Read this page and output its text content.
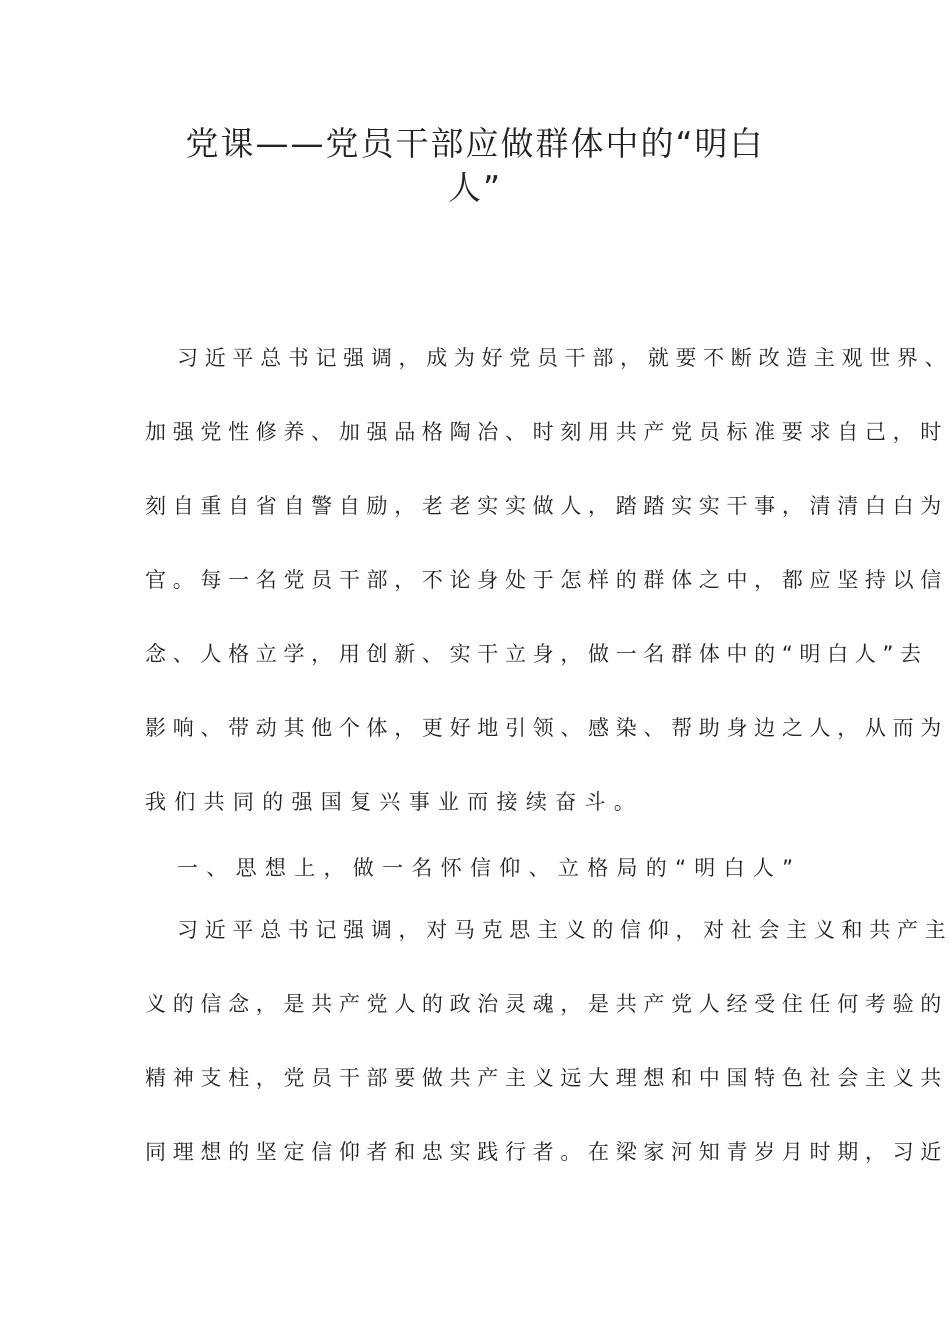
党课——党员干部应做群体中的“明白
人”
习 近 平 总 书 记 强 调 ， 成 为 好 党 员 干 部 ， 就 要 不 断 改 造 主 观 世 界 、
加 强 党 性 修 养 、 加 强 品 格 陶 冶 、 时 刻 用 共 产 党 员 标 准 要 求 自 己 ， 时
刻 自 重 自 省 自 警 自 励 ， 老 老 实 实 做 人 ， 踏 踏 实 实 干 事 ， 清 清 白 白 为
官 。 每 一 名 党 员 干 部 ， 不 论 身 处 于 怎 样 的 群 体 之 中 ， 都 应 坚 持 以 信
念 、 人 格 立 学 ， 用 创 新 、 实 干 立 身 ， 做 一 名 群 体 中 的 “ 明 白 人 ” 去
影 响 、 带 动 其 他 个 体 ， 更 好 地 引 领 、 感 染 、 帮 助 身 边 之 人 ， 从 而 为
我们共同的强国复兴事业而接续奋斗。
一、思想上，做一名怀信仰、立格局的“明白人”
习 近 平 总 书 记 强 调 ， 对 马 克 思 主 义 的 信 仰 ， 对 社 会 主 义 和 共 产 主
义 的 信 念 ， 是 共 产 党 人 的 政 治 灵 魂 ， 是 共 产 党 人 经 受 住 任 何 考 验 的
精 神 支 柱 ， 党 员 干 部 要 做 共 产 主 义 远 大 理 想 和 中 国 特 色 社 会 主 义 共
同 理 想 的 坚 定 信 仰 者 和 忠 实 践 行 者 。 在 梁 家 河 知 青 岁 月 时 期 ， 习 近
